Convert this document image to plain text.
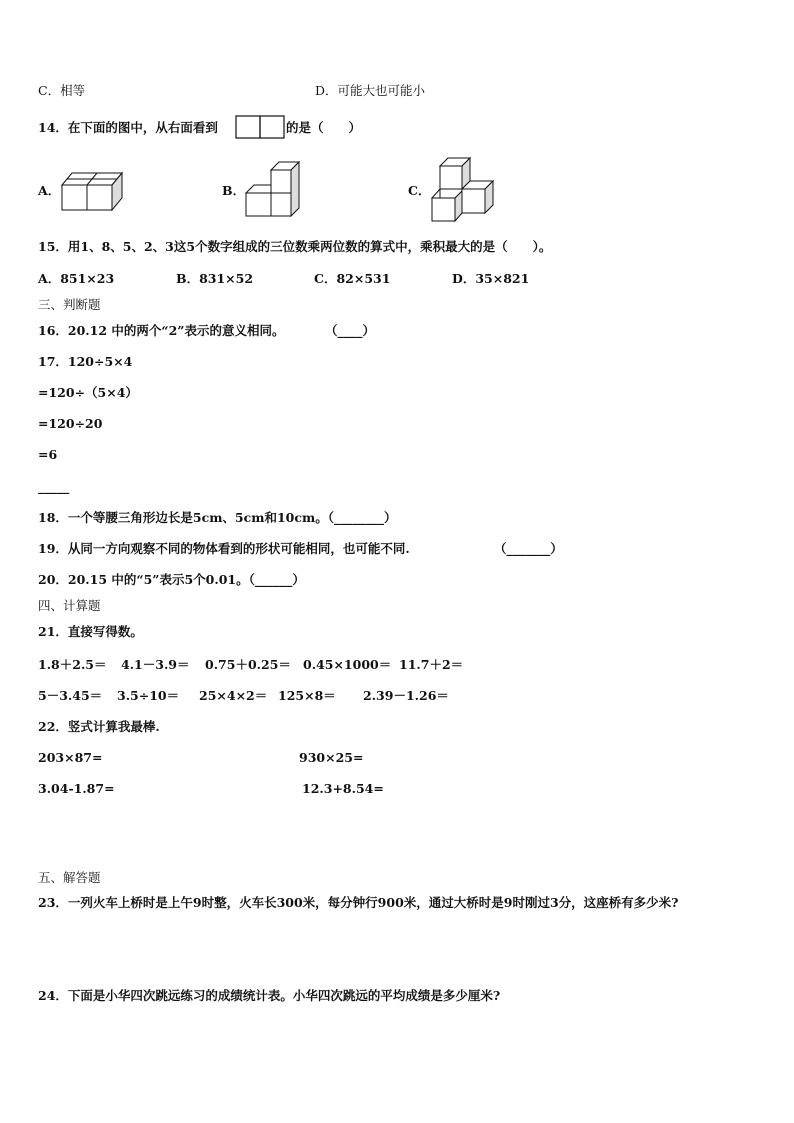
C．相等	D．可能大也可能小
14．在下面的图中，从右面看到	的是（　　）
A．	B．	C．
15．用1、8、5、2、3这5个数字组成的三位数乘两位数的算式中，乘积最大的是（　　）。
A．851×23	B．831×52	C．82×531	D．35×821
三、判断题
16．20.12 中的两个“2”表示的意义相同。	（____）
17．120÷5×4
=120÷（5×4）
=120÷20
=6
_____
18．一个等腰三角形边长是5cm、5cm和10cm。（________）
19．从同一方向观察不同的物体看到的形状可能相同，也可能不同.	（_______）
20．20.15 中的“5”表示5个0.01。（______）
四、计算题
21．直接写得数。
1.8＋2.5＝ 4.1－3.9＝ 0.75＋0.25＝ 0.45×1000＝ 11.7＋2＝
5－3.45＝ 3.5÷10＝ 25×4×2＝ 125×8＝ 2.39－1.26＝
22．竖式计算我最棒.
203×87=	930×25=
3.04-1.87=	12.3+8.54=
五、解答题
23．一列火车上桥时是上午9时整，火车长300米，每分钟行900米，通过大桥时是9时刚过3分，这座桥有多少米?
24．下面是小华四次跳远练习的成绩统计表。小华四次跳远的平均成绩是多少厘米?
